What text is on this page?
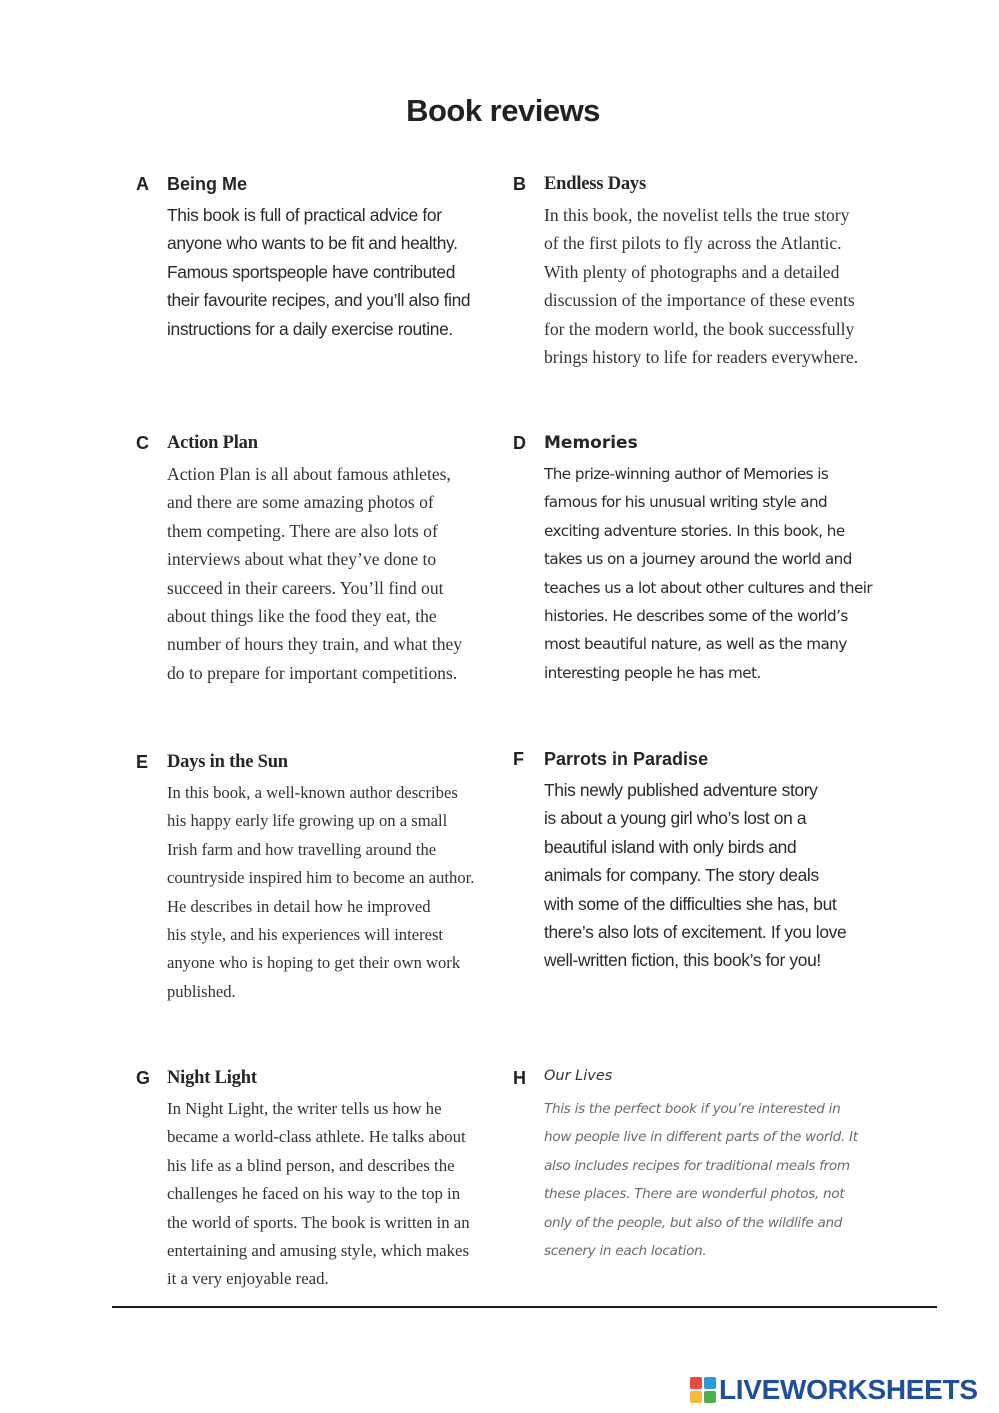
Book reviews
A	Being Me
This book is full of practical advice for
anyone who wants to be fit and healthy.
Famous sportspeople have contributed
their favourite recipes, and you’ll also find
instructions for a daily exercise routine.
B Endless Days
In this book, the novelist tells the true story
of the first pilots to fly across the Atlantic.
With plenty of photographs and a detailed
discussion of the importance of these events
for the modern world, the book successfully
brings history to life for readers everywhere.
C Action Plan
Action Plan is all about famous athletes,
and there are some amazing photos of
them competing. There are also lots of
interviews about what they’ve done to
succeed in their careers. You’ll find out
about things like the food they eat, the
number of hours they train, and what they
do to prepare for important competitions.
D	Memories
The prize-winning author of Memories is
famous for his unusual writing style and
exciting adventure stories. In this book, he
takes us on a journey around the world and
teaches us a lot about other cultures and their
histories. He describes some of the world’s
most beautiful nature, as well as the many
interesting people he has met.
E	Days in the Sun
In this book, a well-known author describes
his happy early life growing up on a small
Irish farm and how travelling around the
countryside inspired him to become an author.
He describes in detail how he improved
his style, and his experiences will interest
anyone who is hoping to get their own work
published.
F	Parrots in Paradise
This newly published adventure story
is about a young girl who’s lost on a
beautiful island with only birds and
animals for company. The story deals
with some of the difficulties she has, but
there’s also lots of excitement. If you love
well-written fiction, this book’s for you!
G Night Light
In Night Light, the writer tells us how he
became a world-class athlete. He talks about
his life as a blind person, and describes the
challenges he faced on his way to the top in
the world of sports. The book is written in an
entertaining and amusing style, which makes
it a very enjoyable read.
H	Our Lives
This is the perfect book if you’re interested in
how people live in different parts of the world. It
also includes recipes for traditional meals from
these places. There are wonderful photos, not
only of the people, but also of the wildlife and
scenery in each location.
LIVEWORKSHEETS
